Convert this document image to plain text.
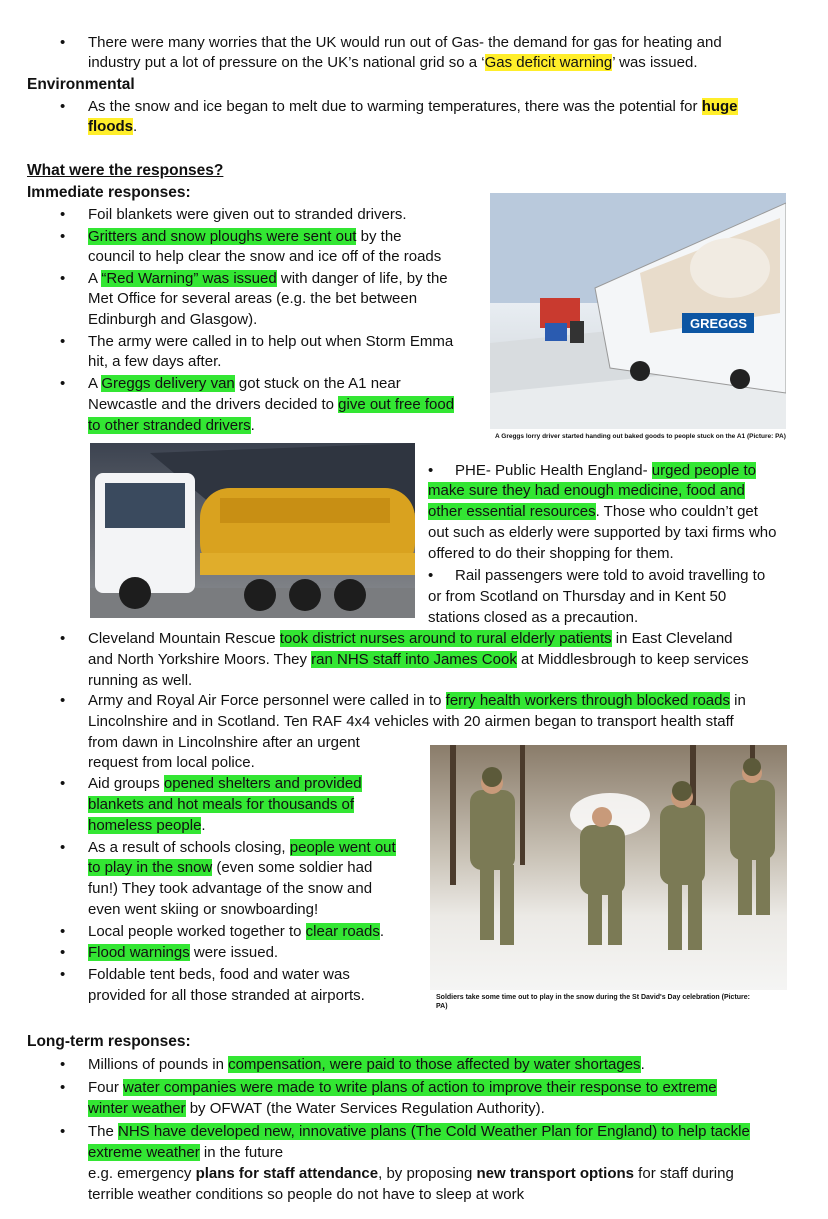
• There were many worries that the UK would run out of Gas- the demand for gas for heating and
industry put a lot of pressure on the UK’s national grid so a ‘Gas deficit warning’ was issued.
Environmental
• As the snow and ice began to melt due to warming temperatures, there was the potential for huge
floods.
What were the responses?
Immediate responses:
• Foil blankets were given out to stranded drivers.
• Gritters and snow ploughs were sent out by the
council to help clear the snow and ice off of the roads
• A “Red Warning” was issued with danger of life, by the
Met Office for several areas (e.g. the bet between
Edinburgh and Glasgow).
• The army were called in to help out when Storm Emma
hit, a few days after.
• A Greggs delivery van got stuck on the A1 near
Newcastle and the drivers decided to give out free food
to other stranded drivers.
GREGGS
A Greggs lorry driver started handing out baked goods to people stuck on the A1 (Picture: PA)
• PHE- Public Health England- urged people to
make sure they had enough medicine, food and
other essential resources. Those who couldn’t get
out such as elderly were supported by taxi firms who
offered to do their shopping for them.
• Rail passengers were told to avoid travelling to
or from Scotland on Thursday and in Kent 50
stations closed as a precaution.
• Cleveland Mountain Rescue took district nurses around to rural elderly patients in East Cleveland
and North Yorkshire Moors. They ran NHS staff into James Cook at Middlesbrough to keep services
running as well.
• Army and Royal Air Force personnel were called in to ferry health workers through blocked roads in
Lincolnshire and in Scotland. Ten RAF 4x4 vehicles with 20 airmen began to transport health staff
from dawn in Lincolnshire after an urgent
request from local police.
Soldiers take some time out to play in the snow during the St David's Day celebration (Picture:
PA)
• Aid groups opened shelters and provided
blankets and hot meals for thousands of
homeless people.
• As a result of schools closing, people went out
to play in the snow (even some soldier had
fun!) They took advantage of the snow and
even went skiing or snowboarding!
• Local people worked together to clear roads.
• Flood warnings were issued.
• Foldable tent beds, food and water was
provided for all those stranded at airports.
Long-term responses:
• Millions of pounds in compensation, were paid to those affected by water shortages.
• Four water companies were made to write plans of action to improve their response to extreme
winter weather by OFWAT (the Water Services Regulation Authority).
• The NHS have developed new, innovative plans (The Cold Weather Plan for England) to help tackle
extreme weather in the future
e.g. emergency plans for staff attendance, by proposing new transport options for staff during
terrible weather conditions so people do not have to sleep at work
